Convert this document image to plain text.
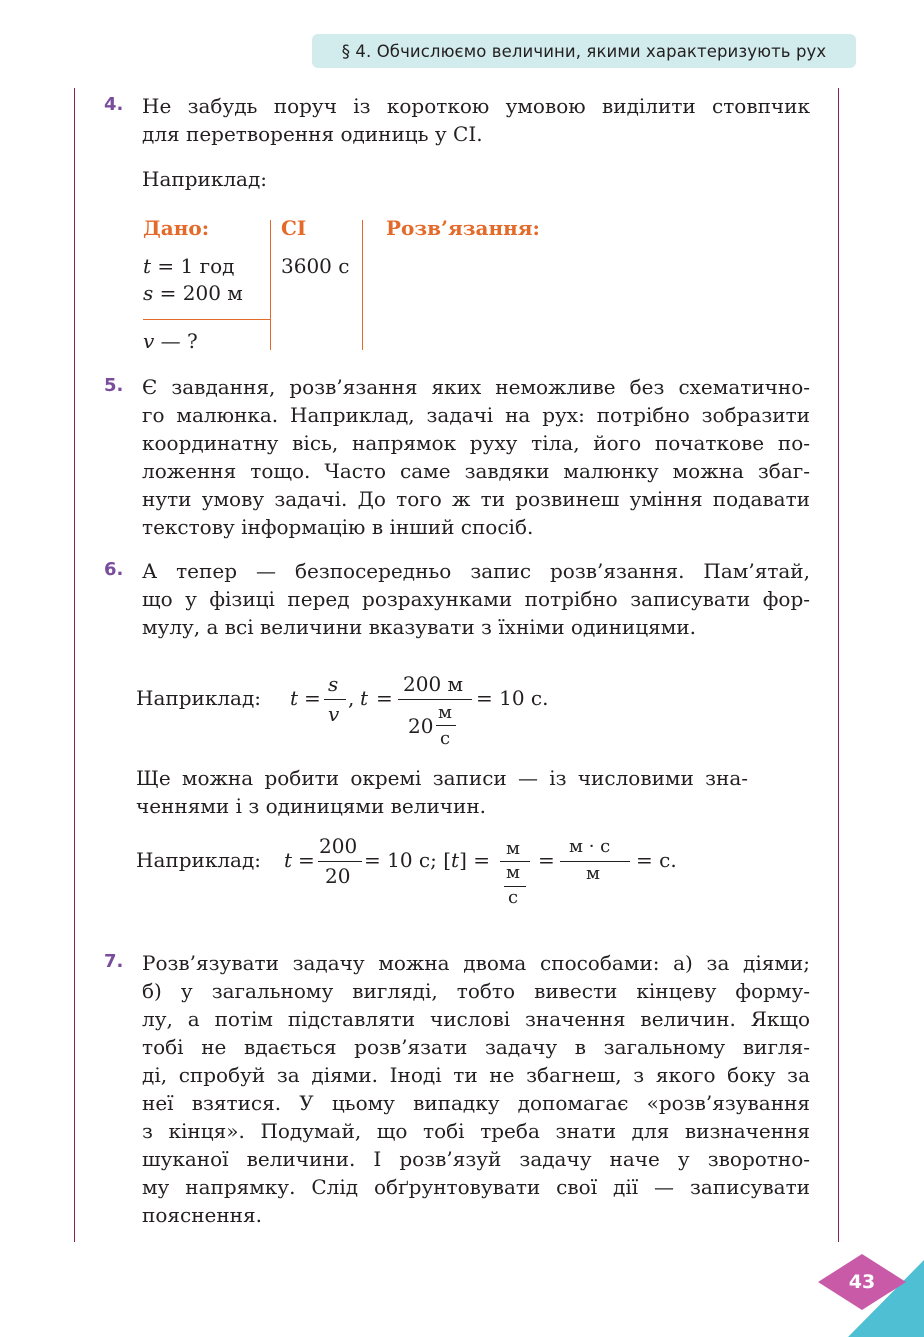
§ 4. Обчислюємо величини, якими характеризують рух
4. Не забудь поруч із короткою умовою виділити стовпчик
для перетворення одиниць у СІ.
Наприклад:
Дано:	СІ	Розв’язання:
t = 1 год
s = 200 м
3600 с
v — ?
5. Є завдання, розв’язання яких неможливе без схематично-
го малюнка. Наприклад, задачі на рух: потрібно зобразити
координатну вісь, напрямок руху тіла, його початкове по-
ложення тощо. Часто саме завдяки малюнку можна збаг-
нути умову задачі. До того ж ти розвинеш уміння подавати
текстову інформацію в інший спосіб.
6. А тепер — безпосередньо запис розв’язання. Пам’ятай,
що у фізиці перед розрахунками потрібно записувати фор-
мулу, а всі величини вказувати з їхніми одиницями.
Наприклад: t =
s
v
, t =
200 м
20
м
с
= 10 с.
Ще можна робити окремі записи — із числовими зна-
ченнями і з одиницями величин.
Наприклад: t =
200
20
= 10 с; [t] = м
м
с
=
м · с
м
= с.
7. Розв’язувати задачу можна двома способами: а) за діями;
б) у загальному вигляді, тобто вивести кінцеву форму-
лу, а потім підставляти числові значення величин. Якщо
тобі не вдається розв’язати задачу в загальному вигля-
ді, спробуй за діями. Іноді ти не збагнеш, з якого боку за
неї взятися. У цьому випадку допомагає «розв’язування
з кінця». Подумай, що тобі треба знати для визначення
шуканої величини. І розв’язуй задачу наче у зворотно-
му напрямку. Слід обґрунтовувати свої дії — записувати
пояснення.
43
